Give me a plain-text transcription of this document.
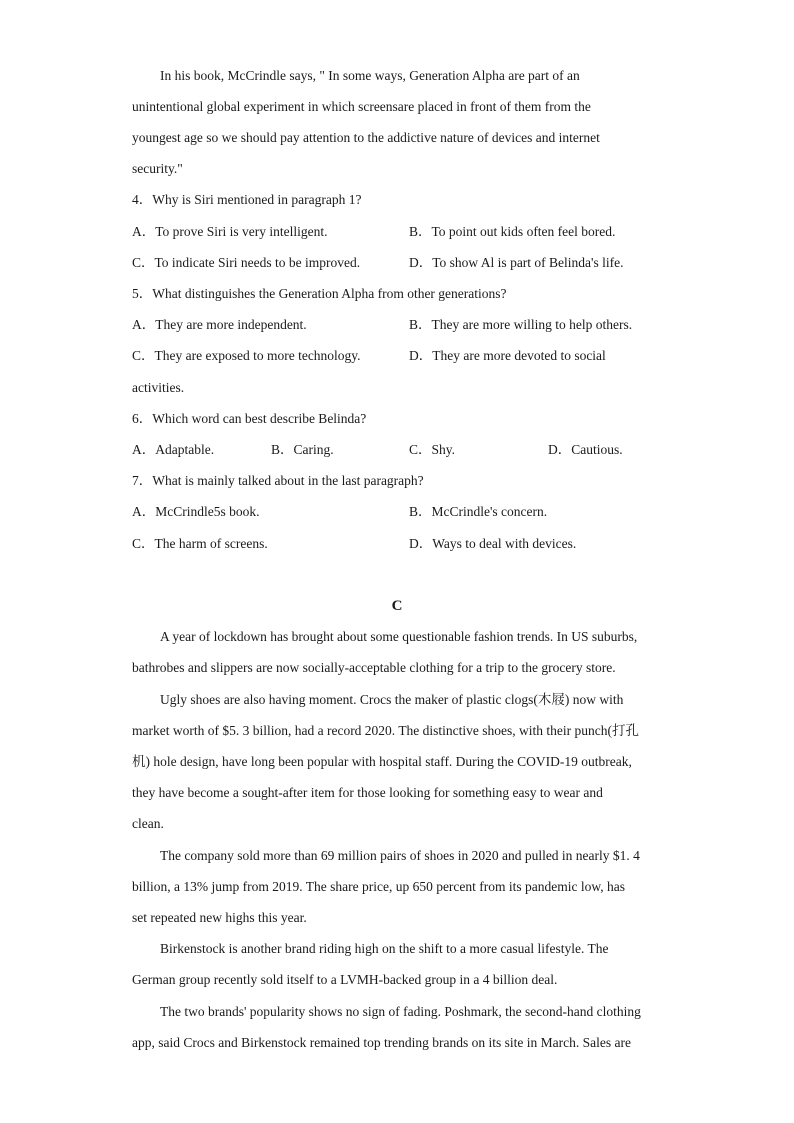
In his book, McCrindle says, " In some ways, Generation Alpha are part of an
unintentional global experiment in which screensare placed in front of them from the
youngest age so we should pay attention to the addictive nature of devices and internet
security."
4．Why is Siri mentioned in paragraph 1?
A．To prove Siri is very intelligent.	B．To point out kids often feel bored.
C．To indicate Siri needs to be improved.	D．To show Al is part of Belinda's life.
5．What distinguishes the Generation Alpha from other generations?
A．They are more independent.	B．They are more willing to help others.
C．They are exposed to more technology.	D．They are more devoted to social
activities.
6．Which word can best describe Belinda?
A．Adaptable.	B．Caring.	C．Shy.	D．Cautious.
7．What is mainly talked about in the last paragraph?
A．McCrindle5s book.	B．McCrindle's concern.
C．The harm of screens.	D．Ways to deal with devices.
C
A year of lockdown has brought about some questionable fashion trends. In US suburbs,
bathrobes and slippers are now socially-acceptable clothing for a trip to the grocery store.
Ugly shoes are also having moment. Crocs the maker of plastic clogs(木屐) now with
market worth of $5. 3 billion, had a record 2020. The distinctive shoes, with their punch(打孔
机) hole design, have long been popular with hospital staff. During the COVID-19 outbreak,
they have become a sought-after item for those looking for something easy to wear and
clean.
The company sold more than 69 million pairs of shoes in 2020 and pulled in nearly $1. 4
billion, a 13% jump from 2019. The share price, up 650 percent from its pandemic low, has
set repeated new highs this year.
Birkenstock is another brand riding high on the shift to a more casual lifestyle. The
German group recently sold itself to a LVMH-backed group in a 4 billion deal.
The two brands' popularity shows no sign of fading. Poshmark, the second-hand clothing
app, said Crocs and Birkenstock remained top trending brands on its site in March. Sales are
